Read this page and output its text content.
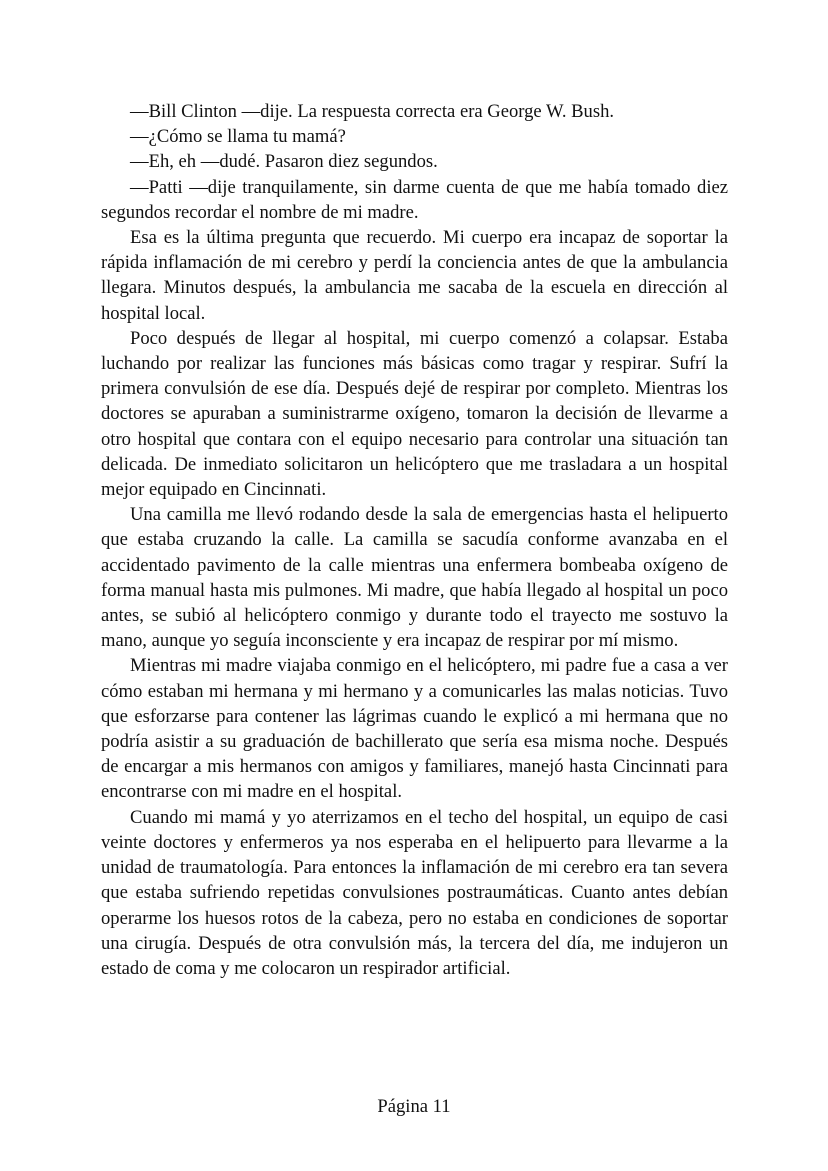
—Bill Clinton —dije. La respuesta correcta era George W. Bush.

—¿Cómo se llama tu mamá?

—Eh, eh —dudé. Pasaron diez segundos.

—Patti —dije tranquilamente, sin darme cuenta de que me había tomado diez segundos recordar el nombre de mi madre.

Esa es la última pregunta que recuerdo. Mi cuerpo era incapaz de soportar la rápida inflamación de mi cerebro y perdí la conciencia antes de que la ambulancia llegara. Minutos después, la ambulancia me sacaba de la escuela en dirección al hospital local.

Poco después de llegar al hospital, mi cuerpo comenzó a colapsar. Estaba luchando por realizar las funciones más básicas como tragar y respirar. Sufrí la primera convulsión de ese día. Después dejé de respirar por completo. Mientras los doctores se apuraban a suministrarme oxígeno, tomaron la decisión de llevarme a otro hospital que contara con el equipo necesario para controlar una situación tan delicada. De inmediato solicitaron un helicóptero que me trasladara a un hospital mejor equipado en Cincinnati.

Una camilla me llevó rodando desde la sala de emergencias hasta el helipuerto que estaba cruzando la calle. La camilla se sacudía conforme avanzaba en el accidentado pavimento de la calle mientras una enfermera bombeaba oxígeno de forma manual hasta mis pulmones. Mi madre, que había llegado al hospital un poco antes, se subió al helicóptero conmigo y durante todo el trayecto me sostuvo la mano, aunque yo seguía inconsciente y era incapaz de respirar por mí mismo.

Mientras mi madre viajaba conmigo en el helicóptero, mi padre fue a casa a ver cómo estaban mi hermana y mi hermano y a comunicarles las malas noticias. Tuvo que esforzarse para contener las lágrimas cuando le explicó a mi hermana que no podría asistir a su graduación de bachillerato que sería esa misma noche. Después de encargar a mis hermanos con amigos y familiares, manejó hasta Cincinnati para encontrarse con mi madre en el hospital.

Cuando mi mamá y yo aterrizamos en el techo del hospital, un equipo de casi veinte doctores y enfermeros ya nos esperaba en el helipuerto para llevarme a la unidad de traumatología. Para entonces la inflamación de mi cerebro era tan severa que estaba sufriendo repetidas convulsiones postraumáticas. Cuanto antes debían operarme los huesos rotos de la cabeza, pero no estaba en condiciones de soportar una cirugía. Después de otra convulsión más, la tercera del día, me indujeron un estado de coma y me colocaron un respirador artificial.

Página 11
